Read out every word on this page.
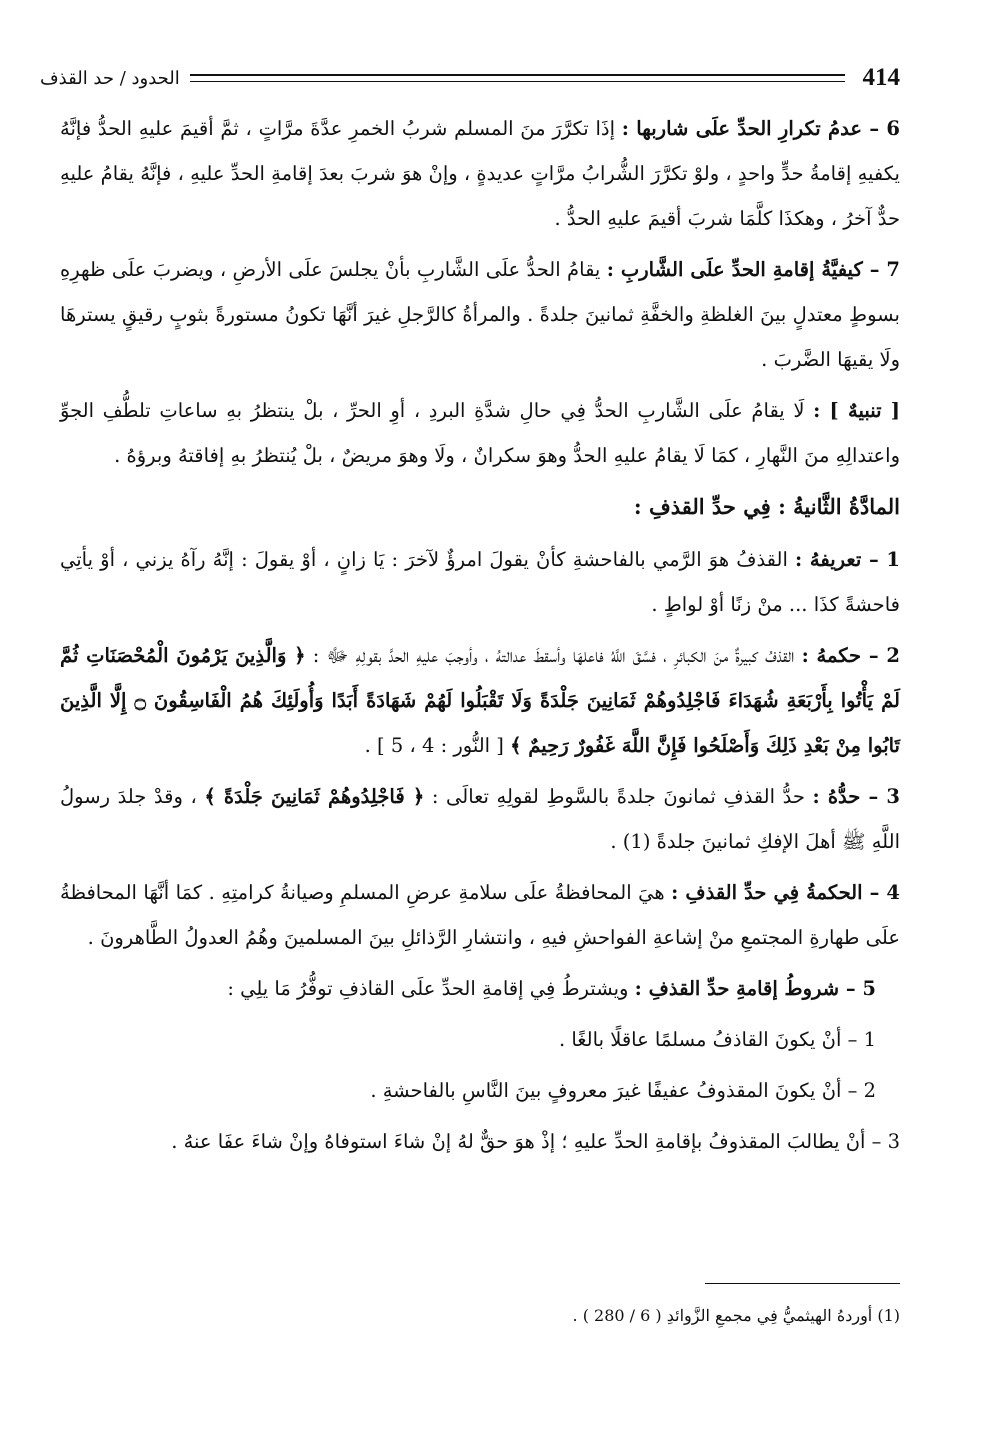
414
الحدود / حد القذف

6 – عدمُ تكرارِ الحدِّ علَى شاربها : إذَا تكرَّرَ منَ المسلم شربُ الخمرِ عدَّةَ مرَّاتٍ ، ثمَّ أقيمَ عليهِ الحدُّ فإنَّهُ يكفيهِ إقامةُ حدٍّ واحدٍ ، ولوْ تكرَّرَ الشُّرابُ مرَّاتٍ عديدةٍ ، وإنْ هوَ شربَ بعدَ إقامةِ الحدِّ عليهِ ، فإنَّهُ يقامُ عليهِ حدٌّ آخرُ ، وهكذَا كلَّمَا شربَ أقيمَ عليهِ الحدُّ .

7 – كيفيَّةُ إقامةِ الحدِّ علَى الشَّاربِ : يقامُ الحدُّ علَى الشَّاربِ بأنْ يجلسَ علَى الأرضِ ، ويضربَ علَى ظهرِهِ بسوطٍ معتدلٍ بينَ الغلظةِ والخفَّةِ ثمانينَ جلدةً . والمرأةُ كالرَّجلِ غيرَ أنَّهَا تكونُ مستورةً بثوبٍ رقيقٍ يسترهَا ولَا يقيهَا الضَّربَ .

[ تنبيهٌ ] : لَا يقامُ علَى الشَّاربِ الحدُّ فِي حالِ شدَّةِ البردِ ، أوِ الحرِّ ، بلْ ينتظرُ بهِ ساعاتِ تلطُّفِ الجوِّ واعتدالِهِ منَ النَّهارِ ، كمَا لَا يقامُ عليهِ الحدُّ وهوَ سكرانٌ ، ولَا وهوَ مريضٌ ، بلْ يُنتظرُ بهِ إفاقتهُ وبرؤهُ .

المادَّةُ الثَّانيةُ : فِي حدِّ القذفِ :

1 – تعريفهُ : القذفُ هوَ الرَّمي بالفاحشةِ كأنْ يقولَ امرؤٌ لآخرَ : يَا زانٍ ، أوْ يقولَ : إنَّهُ رآهُ يزني ، أوْ يأتِي فاحشةً كذَا ... منْ زنًا أوْ لواطٍ .

2 – حكمهُ : القذفُ كبيرةٌ منَ الكبائرِ ، فسَّقَ اللَّهُ فاعلهَا وأسقطَ عدالتهُ ، وأوجبَ عليهِ الحدَّ بقولِهِ ﷻ : ﴿ وَالَّذِينَ يَرْمُونَ الْمُحْصَنَاتِ ثُمَّ لَمْ يَأْتُوا بِأَرْبَعَةِ شُهَدَاءَ فَاجْلِدُوهُمْ ثَمَانِينَ جَلْدَةً وَلَا تَقْبَلُوا لَهُمْ شَهَادَةً أَبَدًا وَأُولَئِكَ هُمُ الْفَاسِقُونَ ۝ إِلَّا الَّذِينَ تَابُوا مِنْ بَعْدِ ذَلِكَ وَأَصْلَحُوا فَإِنَّ اللَّهَ غَفُورٌ رَحِيمٌ ﴾ [ النُّور : 4 ، 5 ] .

3 – حدُّهُ : حدُّ القذفِ ثمانونَ جلدةً بالسَّوطِ لقولِهِ تعالَى : ﴿ فَاجْلِدُوهُمْ ثَمَانِينَ جَلْدَةً ﴾ ، وقدْ جلدَ رسولُ اللَّهِ ﷺ أهلَ الإفكِ ثمانينَ جلدةً (1) .

4 – الحكمةُ فِي حدِّ القذفِ : هيَ المحافظةُ علَى سلامةِ عرضِ المسلمِ وصيانةُ كرامتِهِ . كمَا أنَّهَا المحافظةُ علَى طهارةِ المجتمعِ منْ إشاعةِ الفواحشِ فيهِ ، وانتشارِ الرَّذائلِ بينَ المسلمينَ وهُمُ العدولُ الطَّاهرونَ .

5 – شروطُ إقامةِ حدِّ القذفِ : ويشترطُ فِي إقامةِ الحدِّ علَى القاذفِ توفُّرُ مَا يلِي :

1 – أنْ يكونَ القاذفُ مسلمًا عاقلًا بالغًا .

2 – أنْ يكونَ المقذوفُ عفيفًا غيرَ معروفٍ بينَ النَّاسِ بالفاحشةِ .

3 – أنْ يطالبَ المقذوفُ بإقامةِ الحدِّ عليهِ ؛ إذْ هوَ حقٌّ لهُ إنْ شاءَ استوفاهُ وإنْ شاءَ عفَا عنهُ .

(1) أوردهُ الهيثميُّ فِي مجمعِ الزَّوائدِ ( 6 / 280 ) .
